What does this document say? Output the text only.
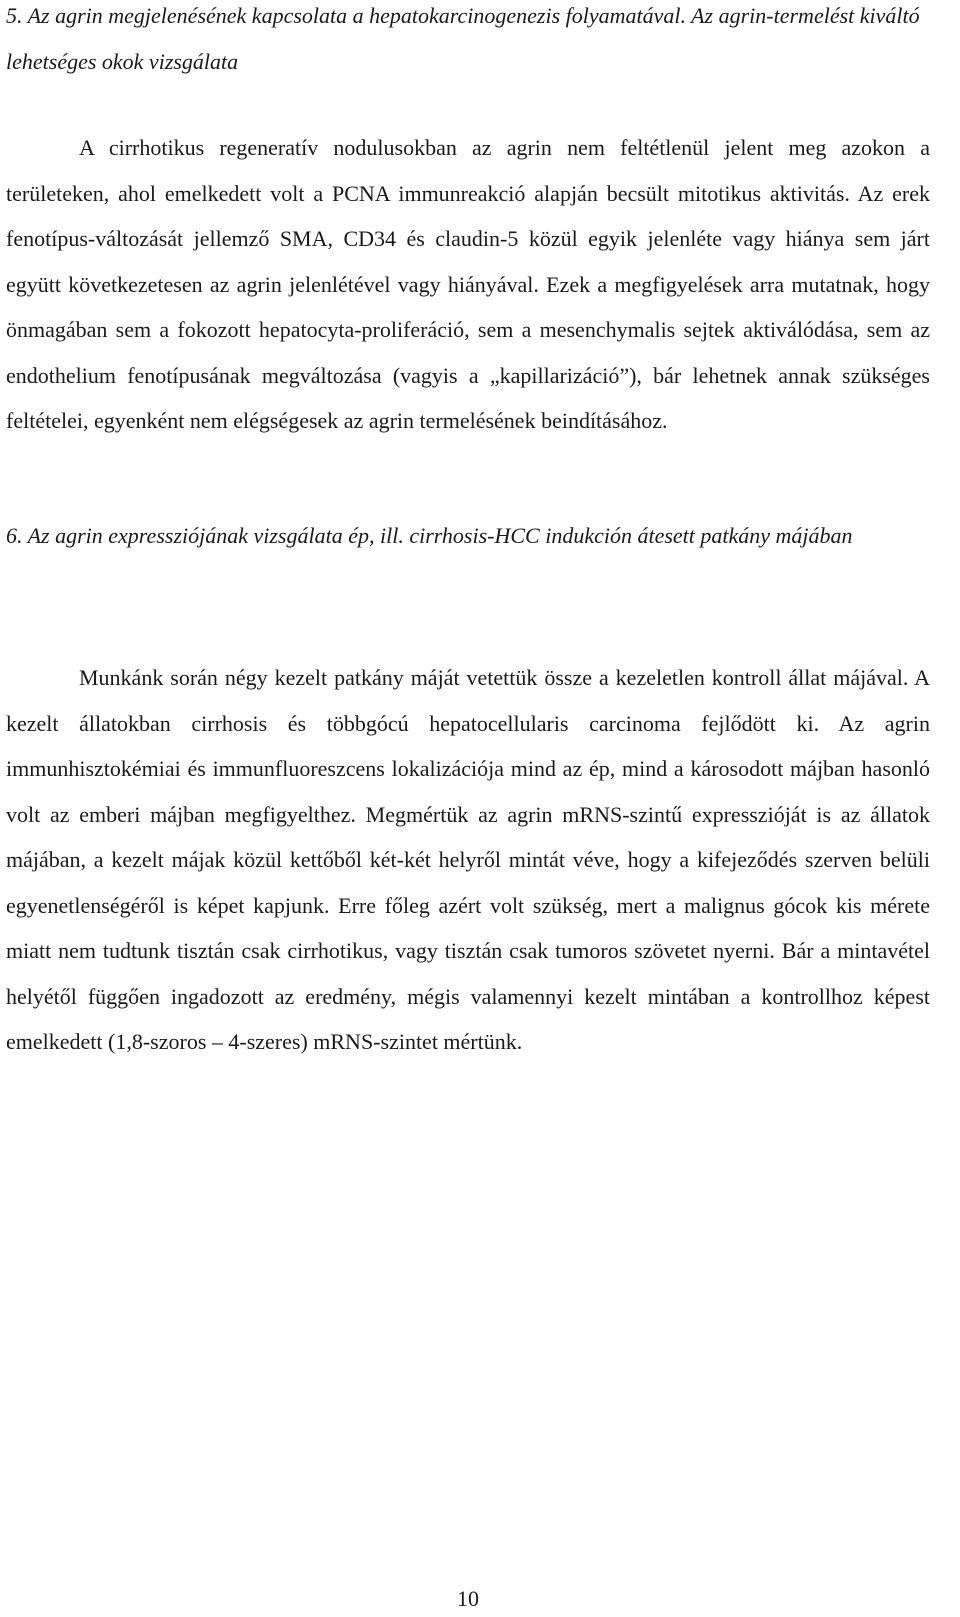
5. Az agrin megjelenésének kapcsolata a hepatokarcinogenezis folyamatával. Az agrin-termelést kiváltó lehetséges okok vizsgálata

A cirrhotikus regeneratív nodulusokban az agrin nem feltétlenül jelent meg azokon a területeken, ahol emelkedett volt a PCNA immunreakció alapján becsült mitotikus aktivitás. Az erek fenotípus-változását jellemző SMA, CD34 és claudin-5 közül egyik jelenléte vagy hiánya sem járt együtt következetesen az agrin jelenlétével vagy hiányával. Ezek a megfigyelések arra mutatnak, hogy önmagában sem a fokozott hepatocyta-proliferáció, sem a mesenchymalis sejtek aktiválódása, sem az endothelium fenotípusának megváltozása (vagyis a „kapillarizáció”), bár lehetnek annak szükséges feltételei, egyenként nem elégségesek az agrin termelésének beindításához.

6. Az agrin expressziójának vizsgálata ép, ill. cirrhosis-HCC indukción átesett patkány májában

Munkánk során négy kezelt patkány máját vetettük össze a kezeletlen kontroll állat májával. A kezelt állatokban cirrhosis és többgócú hepatocellularis carcinoma fejlődött ki. Az agrin immunhisztokémiai és immunfluoreszcens lokalizációja mind az ép, mind a károsodott májban hasonló volt az emberi májban megfigyelthez. Megmértük az agrin mRNS-szintű expresszióját is az állatok májában, a kezelt májak közül kettőből két-két helyről mintát véve, hogy a kifejeződés szerven belüli egyenetlenségéről is képet kapjunk. Erre főleg azért volt szükség, mert a malignus gócok kis mérete miatt nem tudtunk tisztán csak cirrhotikus, vagy tisztán csak tumoros szövetet nyerni. Bár a mintavétel helyétől függően ingadozott az eredmény, mégis valamennyi kezelt mintában a kontrollhoz képest emelkedett (1,8-szoros – 4-szeres) mRNS-szintet mértünk.

10
